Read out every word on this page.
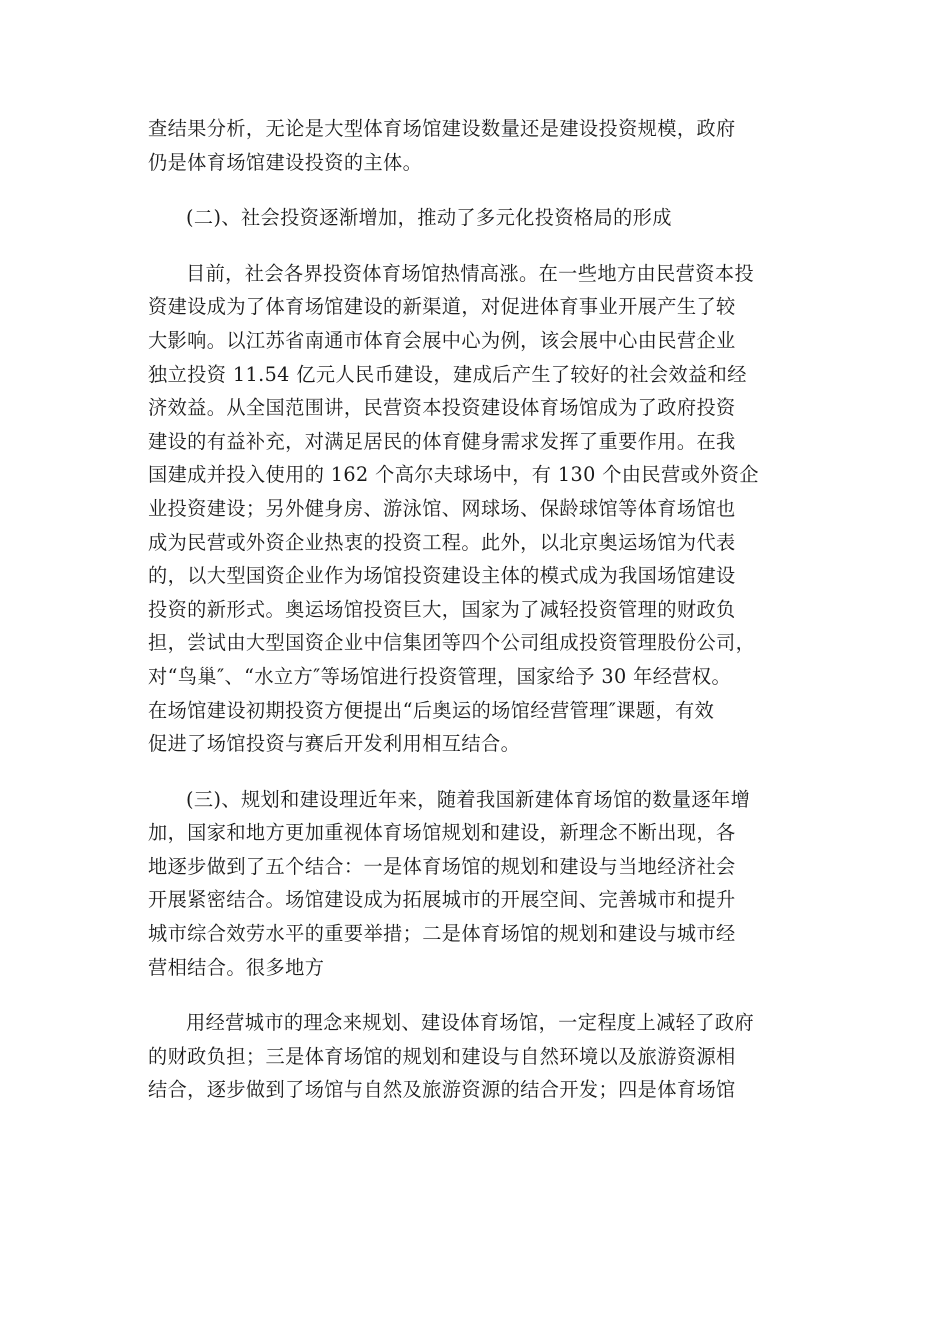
查结果分析，无论是大型体育场馆建设数量还是建设投资规模，政府
仍是体育场馆建设投资的主体。

(二)、社会投资逐渐增加，推动了多元化投资格局的形成

目前，社会各界投资体育场馆热情高涨。在一些地方由民营资本投
资建设成为了体育场馆建设的新渠道，对促进体育事业开展产生了较
大影响。以江苏省南通市体育会展中心为例，该会展中心由民营企业
独立投资 11.54 亿元人民币建设，建成后产生了较好的社会效益和经
济效益。从全国范围讲，民营资本投资建设体育场馆成为了政府投资
建设的有益补充，对满足居民的体育健身需求发挥了重要作用。在我
国建成并投入使用的 162 个高尔夫球场中，有 130 个由民营或外资企
业投资建设；另外健身房、游泳馆、网球场、保龄球馆等体育场馆也
成为民营或外资企业热衷的投资工程。此外，以北京奥运场馆为代表
的，以大型国资企业作为场馆投资建设主体的模式成为我国场馆建设
投资的新形式。奥运场馆投资巨大，国家为了减轻投资管理的财政负
担，尝试由大型国资企业中信集团等四个公司组成投资管理股份公司，
对“鸟巢″、“水立方″等场馆进行投资管理，国家给予 30 年经营权。
在场馆建设初期投资方便提出“后奥运的场馆经营管理″课题，有效
促进了场馆投资与赛后开发利用相互结合。

(三)、规划和建设理近年来，随着我国新建体育场馆的数量逐年增
加，国家和地方更加重视体育场馆规划和建设，新理念不断出现，各
地逐步做到了五个结合：一是体育场馆的规划和建设与当地经济社会
开展紧密结合。场馆建设成为拓展城市的开展空间、完善城市和提升
城市综合效劳水平的重要举措；二是体育场馆的规划和建设与城市经
营相结合。很多地方

用经营城市的理念来规划、建设体育场馆，一定程度上减轻了政府
的财政负担；三是体育场馆的规划和建设与自然环境以及旅游资源相
结合，逐步做到了场馆与自然及旅游资源的结合开发；四是体育场馆
